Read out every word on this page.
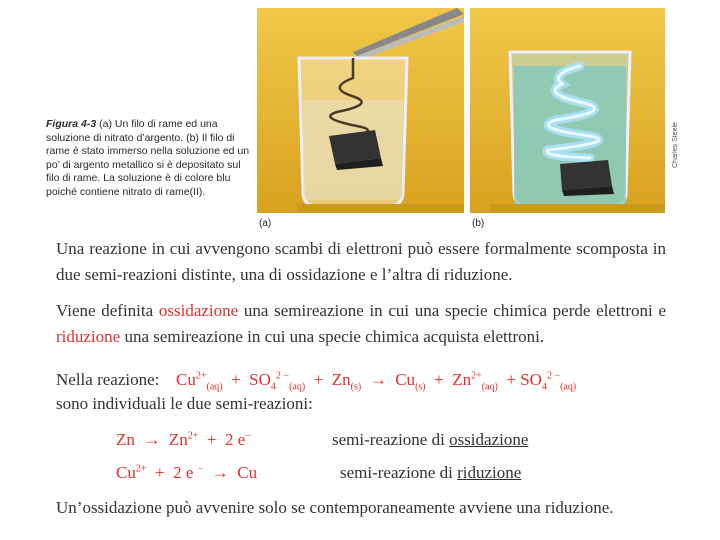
Figura 4-3 (a) Un filo di rame ed una soluzione di nitrato d’argento. (b) Il filo di rame è stato immerso nella soluzione ed un po’ di argento metallico si è depositato sul filo di rame. La soluzione è di colore blu poiché contiene nitrato di rame(II).
(a)	(b)
Charles Steele
Una reazione in cui avvengono scambi di elettroni può essere formalmente scomposta in due semi-reazioni distinte, una di ossidazione e l’altra di riduzione.
Viene definita ossidazione una semireazione in cui una specie chimica perde elettroni e riduzione una semireazione in cui una specie chimica acquista elettroni.
Nella reazione: $Cu^{2+}_{(aq)} + SO_4^{2 -}_{(aq)} + Zn_{(s)} \to Cu_{(s)} + Zn^{2+}_{(aq)} + SO_4^{2 -}_{(aq)}$
sono individuali le due semi-reazioni:
$Zn \to Zn^{2+} + 2$ e−	semi-reazione di ossidazione
$Cu^{2+} + 2$ e −  →  Cu	semi-reazione di riduzione
Un’ossidazione può avvenire solo se contemporaneamente avviene una riduzione.
